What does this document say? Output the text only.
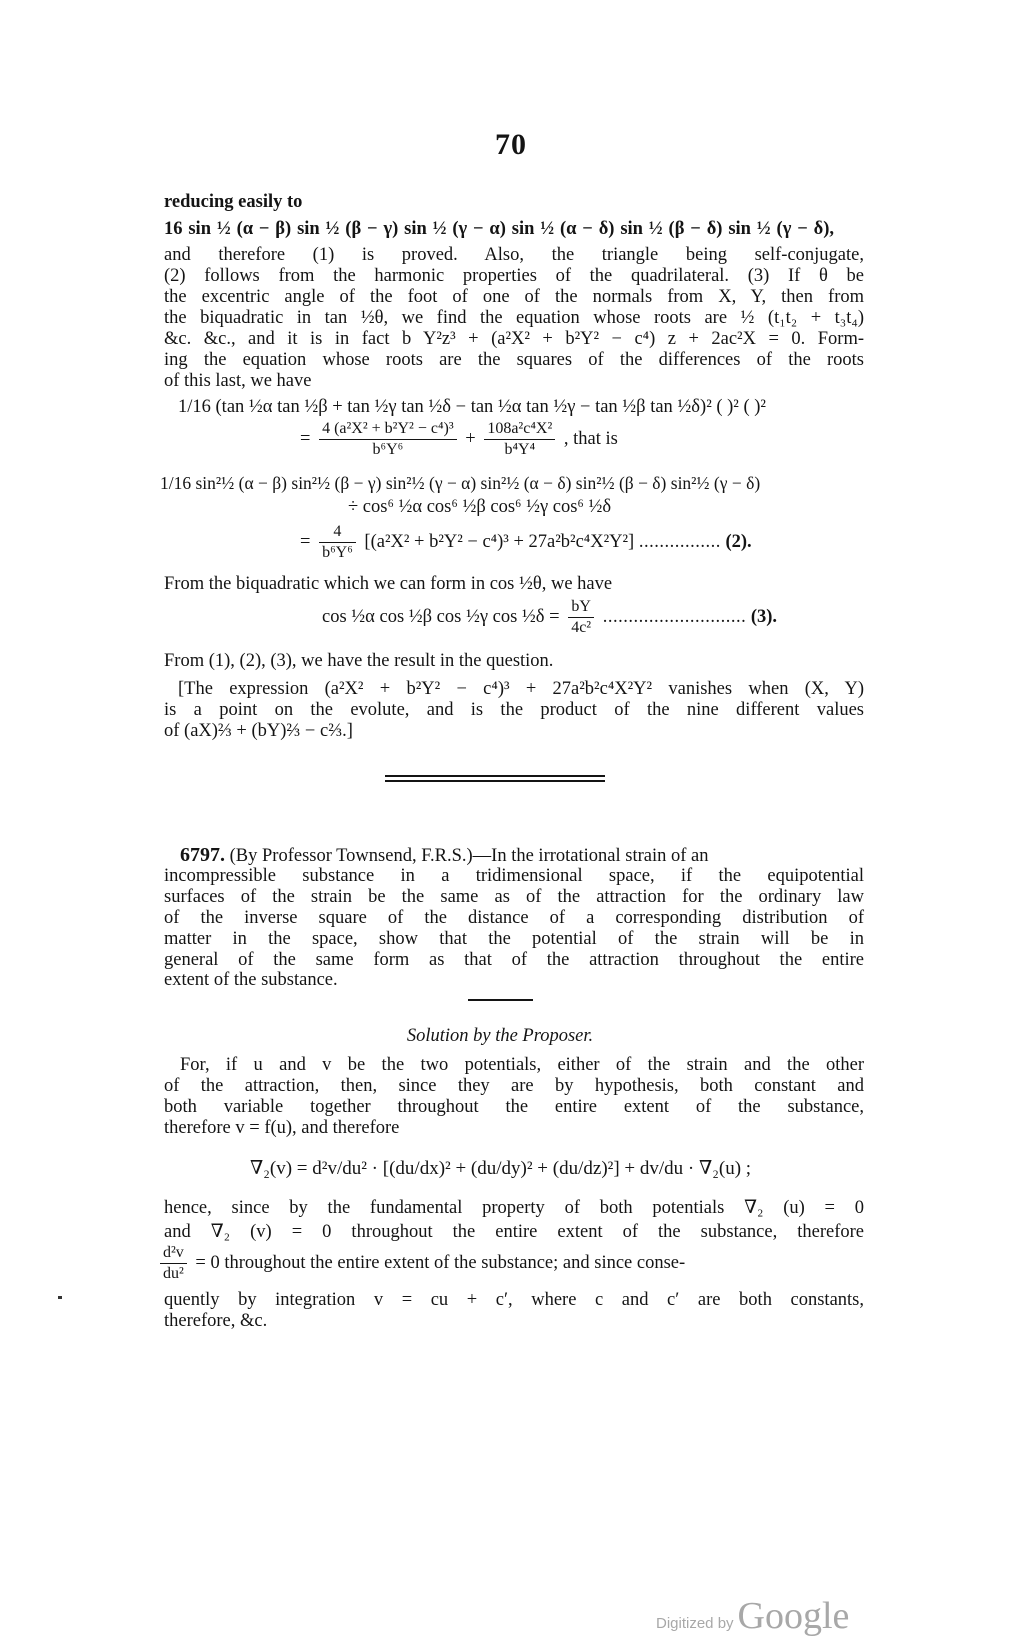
70
reducing easily to
16 sin ½ (α − β) sin ½ (β − γ) sin ½ (γ − α) sin ½ (α − δ) sin ½ (β − δ) sin ½ (γ − δ),
and therefore (1) is proved. Also, the triangle being self-conjugate,
(2) follows from the harmonic properties of the quadrilateral. (3) If θ be
the excentric angle of the foot of one of the normals from X, Y, then from
the biquadratic in tan ½θ, we find the equation whose roots are ½ (t₁t₂ + t₃t₄)
&c. &c., and it is in fact b Y²z³ + (a²X² + b²Y² − c⁴) z + 2ac²X = 0. Form-
ing the equation whose roots are the squares of the differences of the roots
of this last, we have
1/16 (tan ½α tan ½β + tan ½γ tan ½δ − tan ½α tan ½γ − tan ½β tan ½δ)² ( )² ( )²
= $\frac{\text{4 (a²X² + b²Y² − c⁴)³}}{\text{b⁶Y⁶}} + \frac{\text{108a²c⁴X²}}{\text{b⁴Y⁴}}$ , that is
1/16 sin²½ (α − β) sin²½ (β − γ) sin²½ (γ − α) sin²½ (α − δ) sin²½ (β − δ) sin²½ (γ − δ)
÷ cos⁶ ½α cos⁶ ½β cos⁶ ½γ cos⁶ ½δ
= $\frac{4}{\text{b⁶Y⁶}} [(a^2X^2 + b^2Y^2 - c^4)^3 + 27a^2b^2c^4X^2Y^2]$ ................ (2).
From the biquadratic which we can form in cos ½θ, we have
cos ½α cos ½β cos ½γ cos ½δ = $\frac{bY}{\text{4c²}}$ ............................ (3).
From (1), (2), (3), we have the result in the question.
[The expression (a²X² + b²Y² − c⁴)³ + 27a²b²c⁴X²Y² vanishes when (X, Y)
is a point on the evolute, and is the product of the nine different values
of (aX)⅔ + (bY)⅔ − c⅔.]
6797. (By Professor Townsend, F.R.S.)—In the irrotational strain of an
incompressible substance in a tridimensional space, if the equipotential
surfaces of the strain be the same as of the attraction for the ordinary law
of the inverse square of the distance of a corresponding distribution of
matter in the space, show that the potential of the strain will be in
general of the same form as that of the attraction throughout the entire
extent of the substance.
Solution by the Proposer.
For, if u and v be the two potentials, either of the strain and the other
of the attraction, then, since they are by hypothesis, both constant and
both variable together throughout the entire extent of the substance,
therefore v = f(u), and therefore
∇₂(v) = d²v/du² · [(du/dx)² + (du/dy)² + (du/dz)²] + dv/du · ∇₂(u) ;
hence, since by the fundamental property of both potentials ∇₂ (u) = 0
and ∇₂ (v) = 0 throughout the entire extent of the substance, therefore
$\frac{\text{d²v}}{\text{du²}} = 0$ throughout the entire extent of the substance; and since conse-
quently by integration v = cu + c′, where c and c′ are both constants,
therefore, &c.
Digitized by Google
